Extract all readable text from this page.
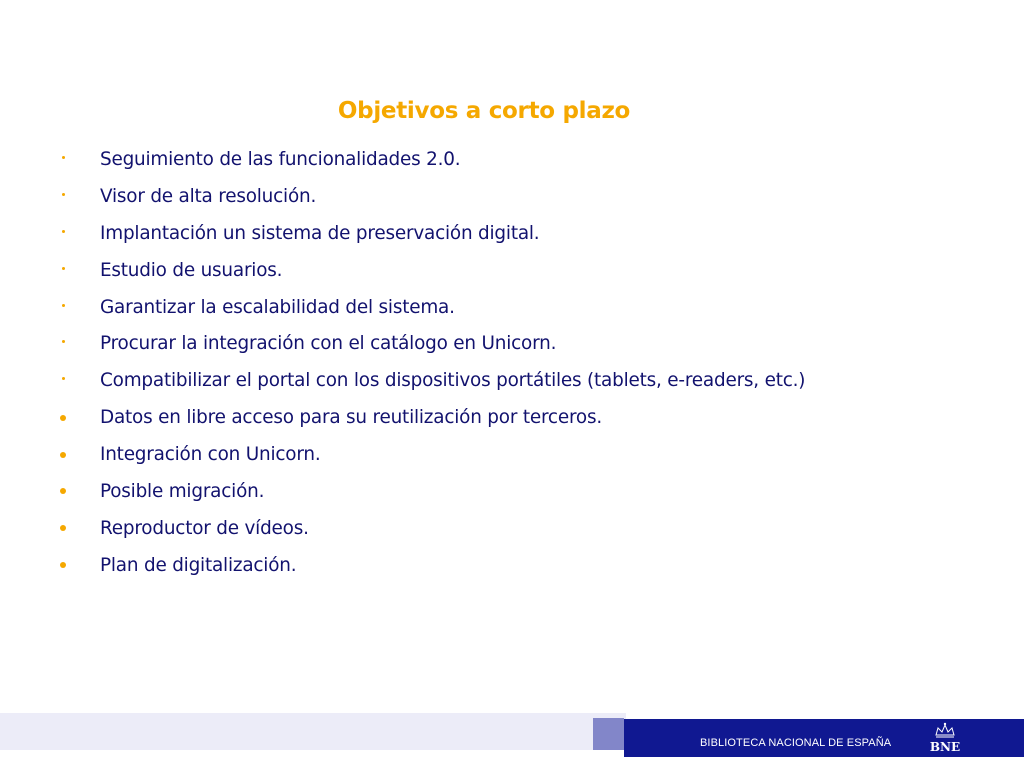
Objetivos a corto plazo
Seguimiento de las funcionalidades 2.0.
Visor de alta resolución.
Implantación un sistema de preservación digital.
Estudio de usuarios.
Garantizar la escalabilidad del sistema.
Procurar la integración con el catálogo en Unicorn.
Compatibilizar el portal con los dispositivos portátiles (tablets, e-readers, etc.)
Datos en libre acceso para su reutilización por terceros.
Integración con Unicorn.
Posible migración.
Reproductor de vídeos.
Plan de digitalización.
BIBLIOTECA NACIONAL DE ESPAÑA	BNE
